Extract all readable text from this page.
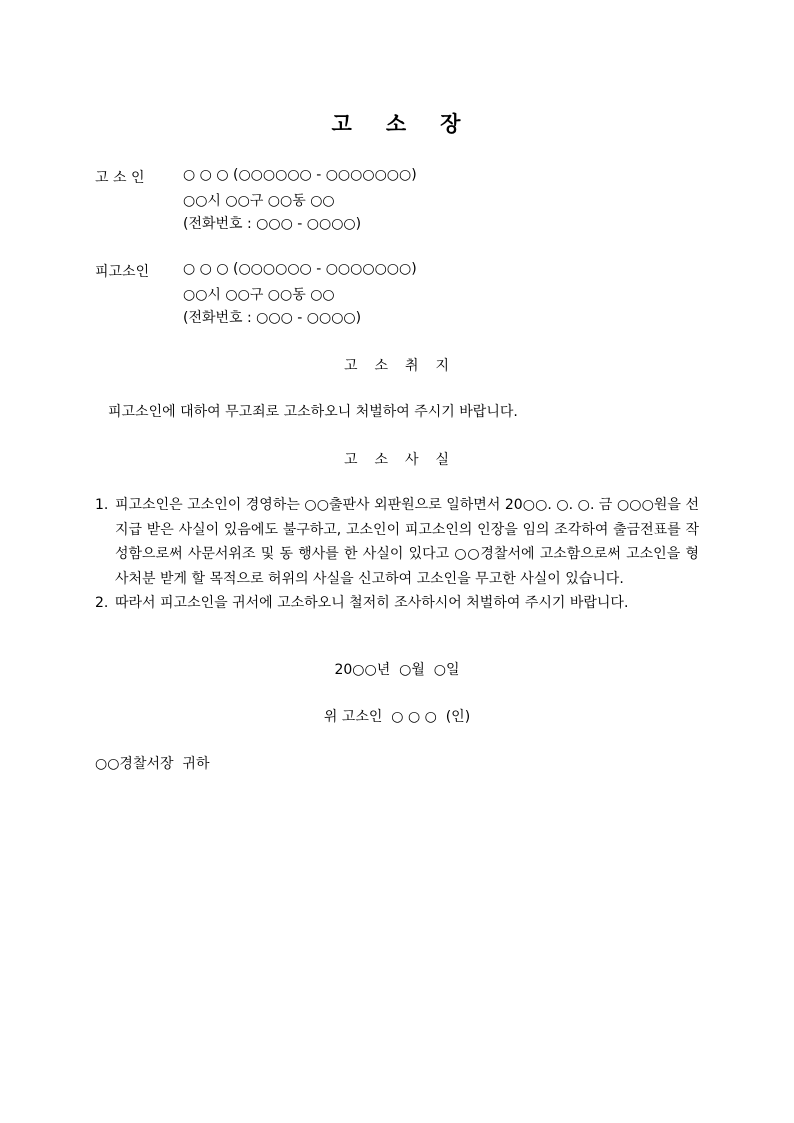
고 소 장
고 소 인	○ ○ ○ (○○○○○○ - ○○○○○○○)
○○시 ○○구 ○○동 ○○
(전화번호 : ○○○ - ○○○○)
피고소인 ○ ○ ○ (○○○○○○ - ○○○○○○○)
○○시 ○○구 ○○동 ○○
(전화번호 : ○○○ - ○○○○)
고 소 취 지
피고소인에 대하여 무고죄로 고소하오니 처벌하여 주시기 바랍니다.
고 소 사 실
1. 피고소인은 고소인이 경영하는 ○○출판사 외판원으로 일하면서 20○○. ○. ○. 금 ○○○원을 선지급 받은 사실이 있음에도 불구하고, 고소인이 피고소인의 인장을 임의 조각하여 출금전표를 작성함으로써 사문서위조 및 동 행사를 한 사실이 있다고 ○○경찰서에 고소함으로써 고소인을 형사처분 받게 할 목적으로 허위의 사실을 신고하여 고소인을 무고한 사실이 있습니다.
2. 따라서 피고소인을 귀서에 고소하오니 철저히 조사하시어 처벌하여 주시기 바랍니다.
20○○년  ○월  ○일
위 고소인  ○ ○ ○  (인)
○○경찰서장  귀하
